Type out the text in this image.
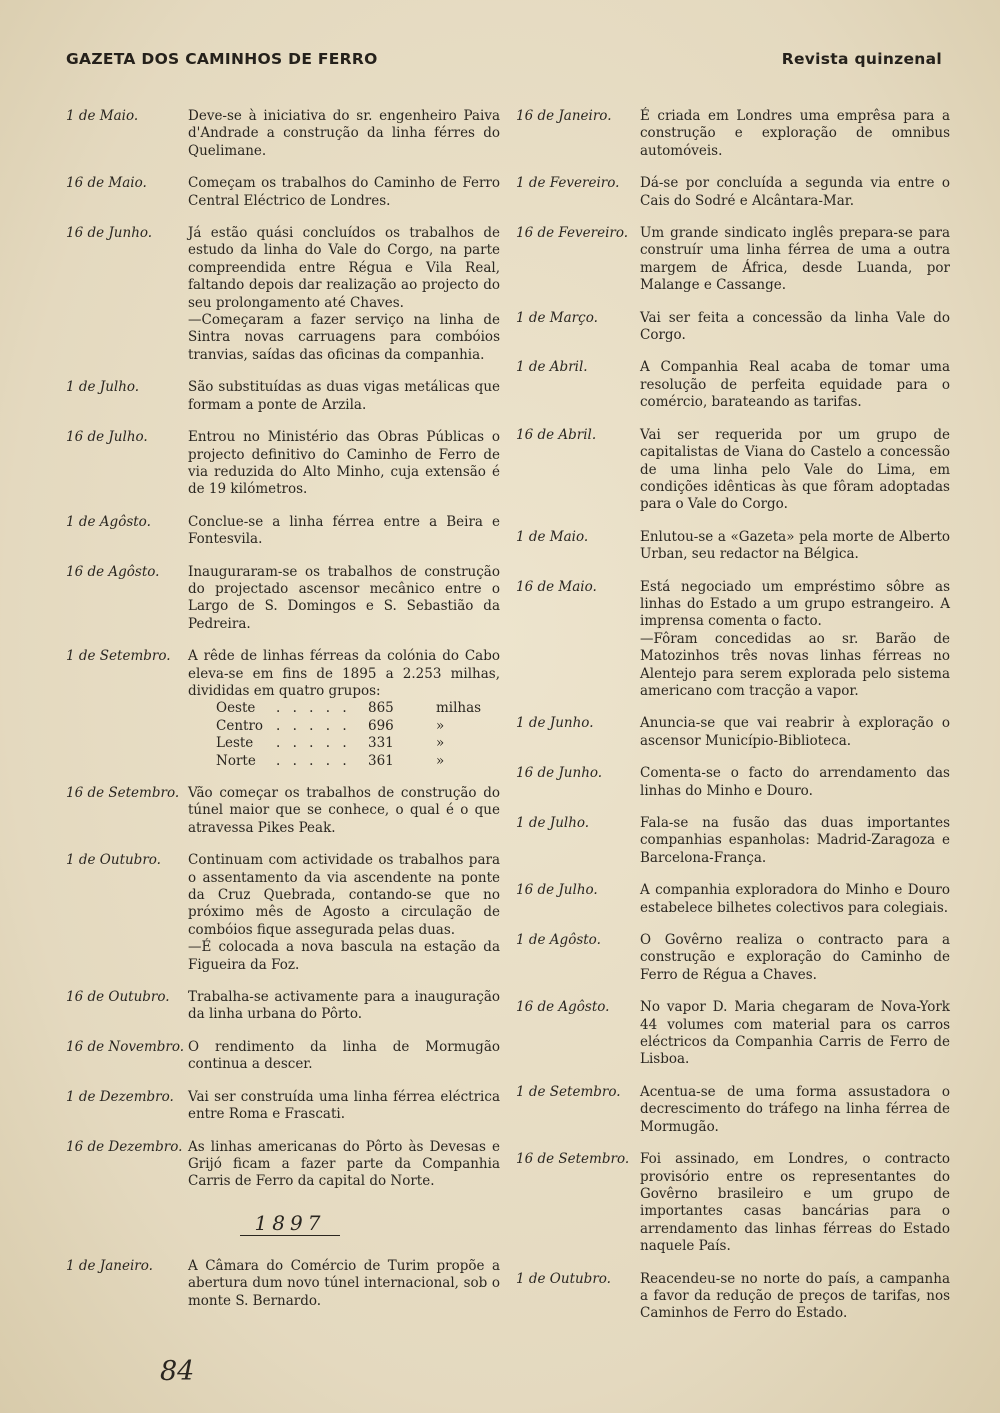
GAZETA DOS CAMINHOS DE FERRO	Revista quinzenal
1 de Maio.	Deve-se à iniciativa do sr. engenheiro Paiva d'Andrade a construção da linha férres do Quelimane.

16 de Maio.	Começam os trabalhos do Caminho de Ferro Central Eléctrico de Londres.

16 de Junho.	Já estão quási concluídos os trabalhos de estudo da linha do Vale do Corgo, na parte compreendida entre Régua e Vila Real, faltando depois dar realização ao projecto do seu prolongamento até Chaves.

—Começaram a fazer serviço na linha de Sintra novas carruagens para combóios tranvias, saídas das oficinas da companhia.

1 de Julho.	São substituídas as duas vigas metálicas que formam a ponte de Arzila.

16 de Julho.	Entrou no Ministério das Obras Públicas o projecto definitivo do Caminho de Ferro de via reduzida do Alto Minho, cuja extensão é de 19 kilómetros.

1 de Agôsto.	Conclue-se a linha férrea entre a Beira e Fontesvila.

16 de Agôsto.	Inauguraram-se os trabalhos de construção do projectado ascensor mecânico entre o Largo de S. Domingos e S. Sebastião da Pedreira.

1 de Setembro.	A rêde de linhas férreas da colónia do Cabo eleva-se em fins de 1895 a 2.253 milhas, divididas em quatro grupos:

Oeste	. . . . .	865	milhas
Centro . . . . .	696	»
Leste	. . . . .	331	»
Norte	. . . . .	361	»
16 de Setembro. Vão começar os trabalhos de construção do túnel maior que se conhece, o qual é o que atravessa Pikes Peak.

1 de Outubro.	Continuam com actividade os trabalhos para o assentamento da via ascendente na ponte da Cruz Quebrada, contando-se que no próximo mês de Agosto a circulação de combóios fique assegurada pelas duas.

—É colocada a nova bascula na estação da Figueira da Foz.

16 de Outubro.	Trabalha-se activamente para a inauguração da linha urbana do Pôrto.

16 de Novembro. O rendimento da linha de Mormugão continua a descer.

1 de Dezembro.	Vai ser construída uma linha férrea eléctrica entre Roma e Frascati.

16 de Dezembro. As linhas americanas do Pôrto às Devesas e Grijó ficam a fazer parte da Companhia Carris de Ferro da capital do Norte.

1897
1 de Janeiro.	A Câmara do Comércio de Turim propõe a abertura dum novo túnel internacional, sob o monte S. Bernardo.

16 de Janeiro.	É criada em Londres uma emprêsa para a construção e exploração de omnibus automóveis.

1 de Fevereiro.	Dá-se por concluída a segunda via entre o Cais do Sodré e Alcântara-Mar.

16 de Fevereiro. Um grande sindicato inglês prepara-se para construír uma linha férrea de uma a outra margem de África, desde Luanda, por Malange e Cassange.

1 de Março.	Vai ser feita a concessão da linha Vale do Corgo.

1 de Abril.	A Companhia Real acaba de tomar uma resolução de perfeita equidade para o comércio, barateando as tarifas.

16 de Abril.	Vai ser requerida por um grupo de capitalistas de Viana do Castelo a concessão de uma linha pelo Vale do Lima, em condições idênticas às que fôram adoptadas para o Vale do Corgo.

1 de Maio.	Enlutou-se a «Gazeta» pela morte de Alberto Urban, seu redactor na Bélgica.

16 de Maio.	Está negociado um empréstimo sôbre as linhas do Estado a um grupo estrangeiro. A imprensa comenta o facto.

—Fôram concedidas ao sr. Barão de Matozinhos três novas linhas férreas no Alentejo para serem explorada pelo sistema americano com tracção a vapor.

1 de Junho.	Anuncia-se que vai reabrir à exploração o ascensor Município-Biblioteca.

16 de Junho.	Comenta-se o facto do arrendamento das linhas do Minho e Douro.

1 de Julho.	Fala-se na fusão das duas importantes companhias espanholas: Madrid-Zaragoza e Barcelona-França.

16 de Julho.	A companhia exploradora do Minho e Douro estabelece bilhetes colectivos para colegiais.

1 de Agôsto.	O Govêrno realiza o contracto para a construção e exploração do Caminho de Ferro de Régua a Chaves.

16 de Agôsto.	No vapor D. Maria chegaram de Nova-York 44 volumes com material para os carros eléctricos da Companhia Carris de Ferro de Lisboa.

1 de Setembro.	Acentua-se de uma forma assustadora o decrescimento do tráfego na linha férrea de Mormugão.

16 de Setembro. Foi assinado, em Londres, o contracto provisório entre os representantes do Govêrno brasileiro e um grupo de importantes casas bancárias para o arrendamento das linhas férreas do Estado naquele País.

1 de Outubro.	Reacendeu-se no norte do país, a campanha a favor da redução de preços de tarifas, nos Caminhos de Ferro do Estado.

84
